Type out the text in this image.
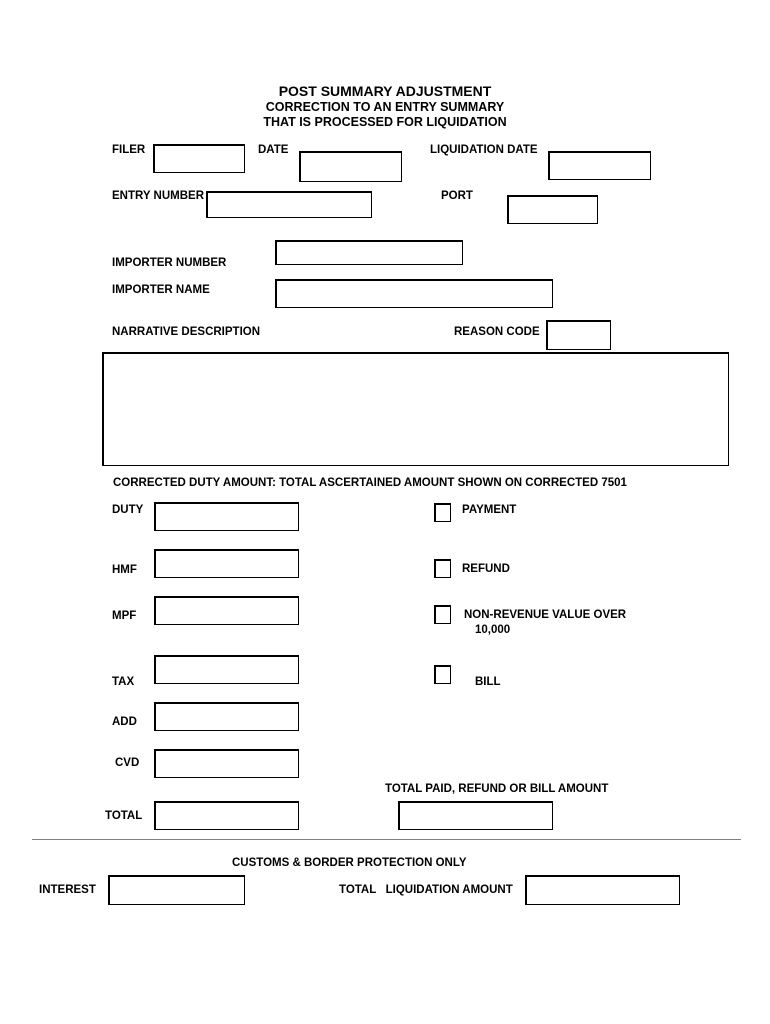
POST SUMMARY ADJUSTMENT
CORRECTION TO AN ENTRY SUMMARY
THAT IS PROCESSED FOR LIQUIDATION
FILER	DATE	LIQUIDATION DATE
ENTRY NUMBER	PORT
IMPORTER NUMBER
IMPORTER NAME
NARRATIVE DESCRIPTION	REASON CODE
CORRECTED DUTY AMOUNT: TOTAL ASCERTAINED AMOUNT SHOWN ON CORRECTED 7501
DUTY
HMF
MPF
TAX
ADD
CVD
TOTAL
PAYMENT
REFUND
NON-REVENUE VALUE OVER
10,000
BILL
TOTAL PAID, REFUND OR BILL AMOUNT
CUSTOMS & BORDER PROTECTION ONLY
INTEREST	TOTAL   LIQUIDATION AMOUNT
